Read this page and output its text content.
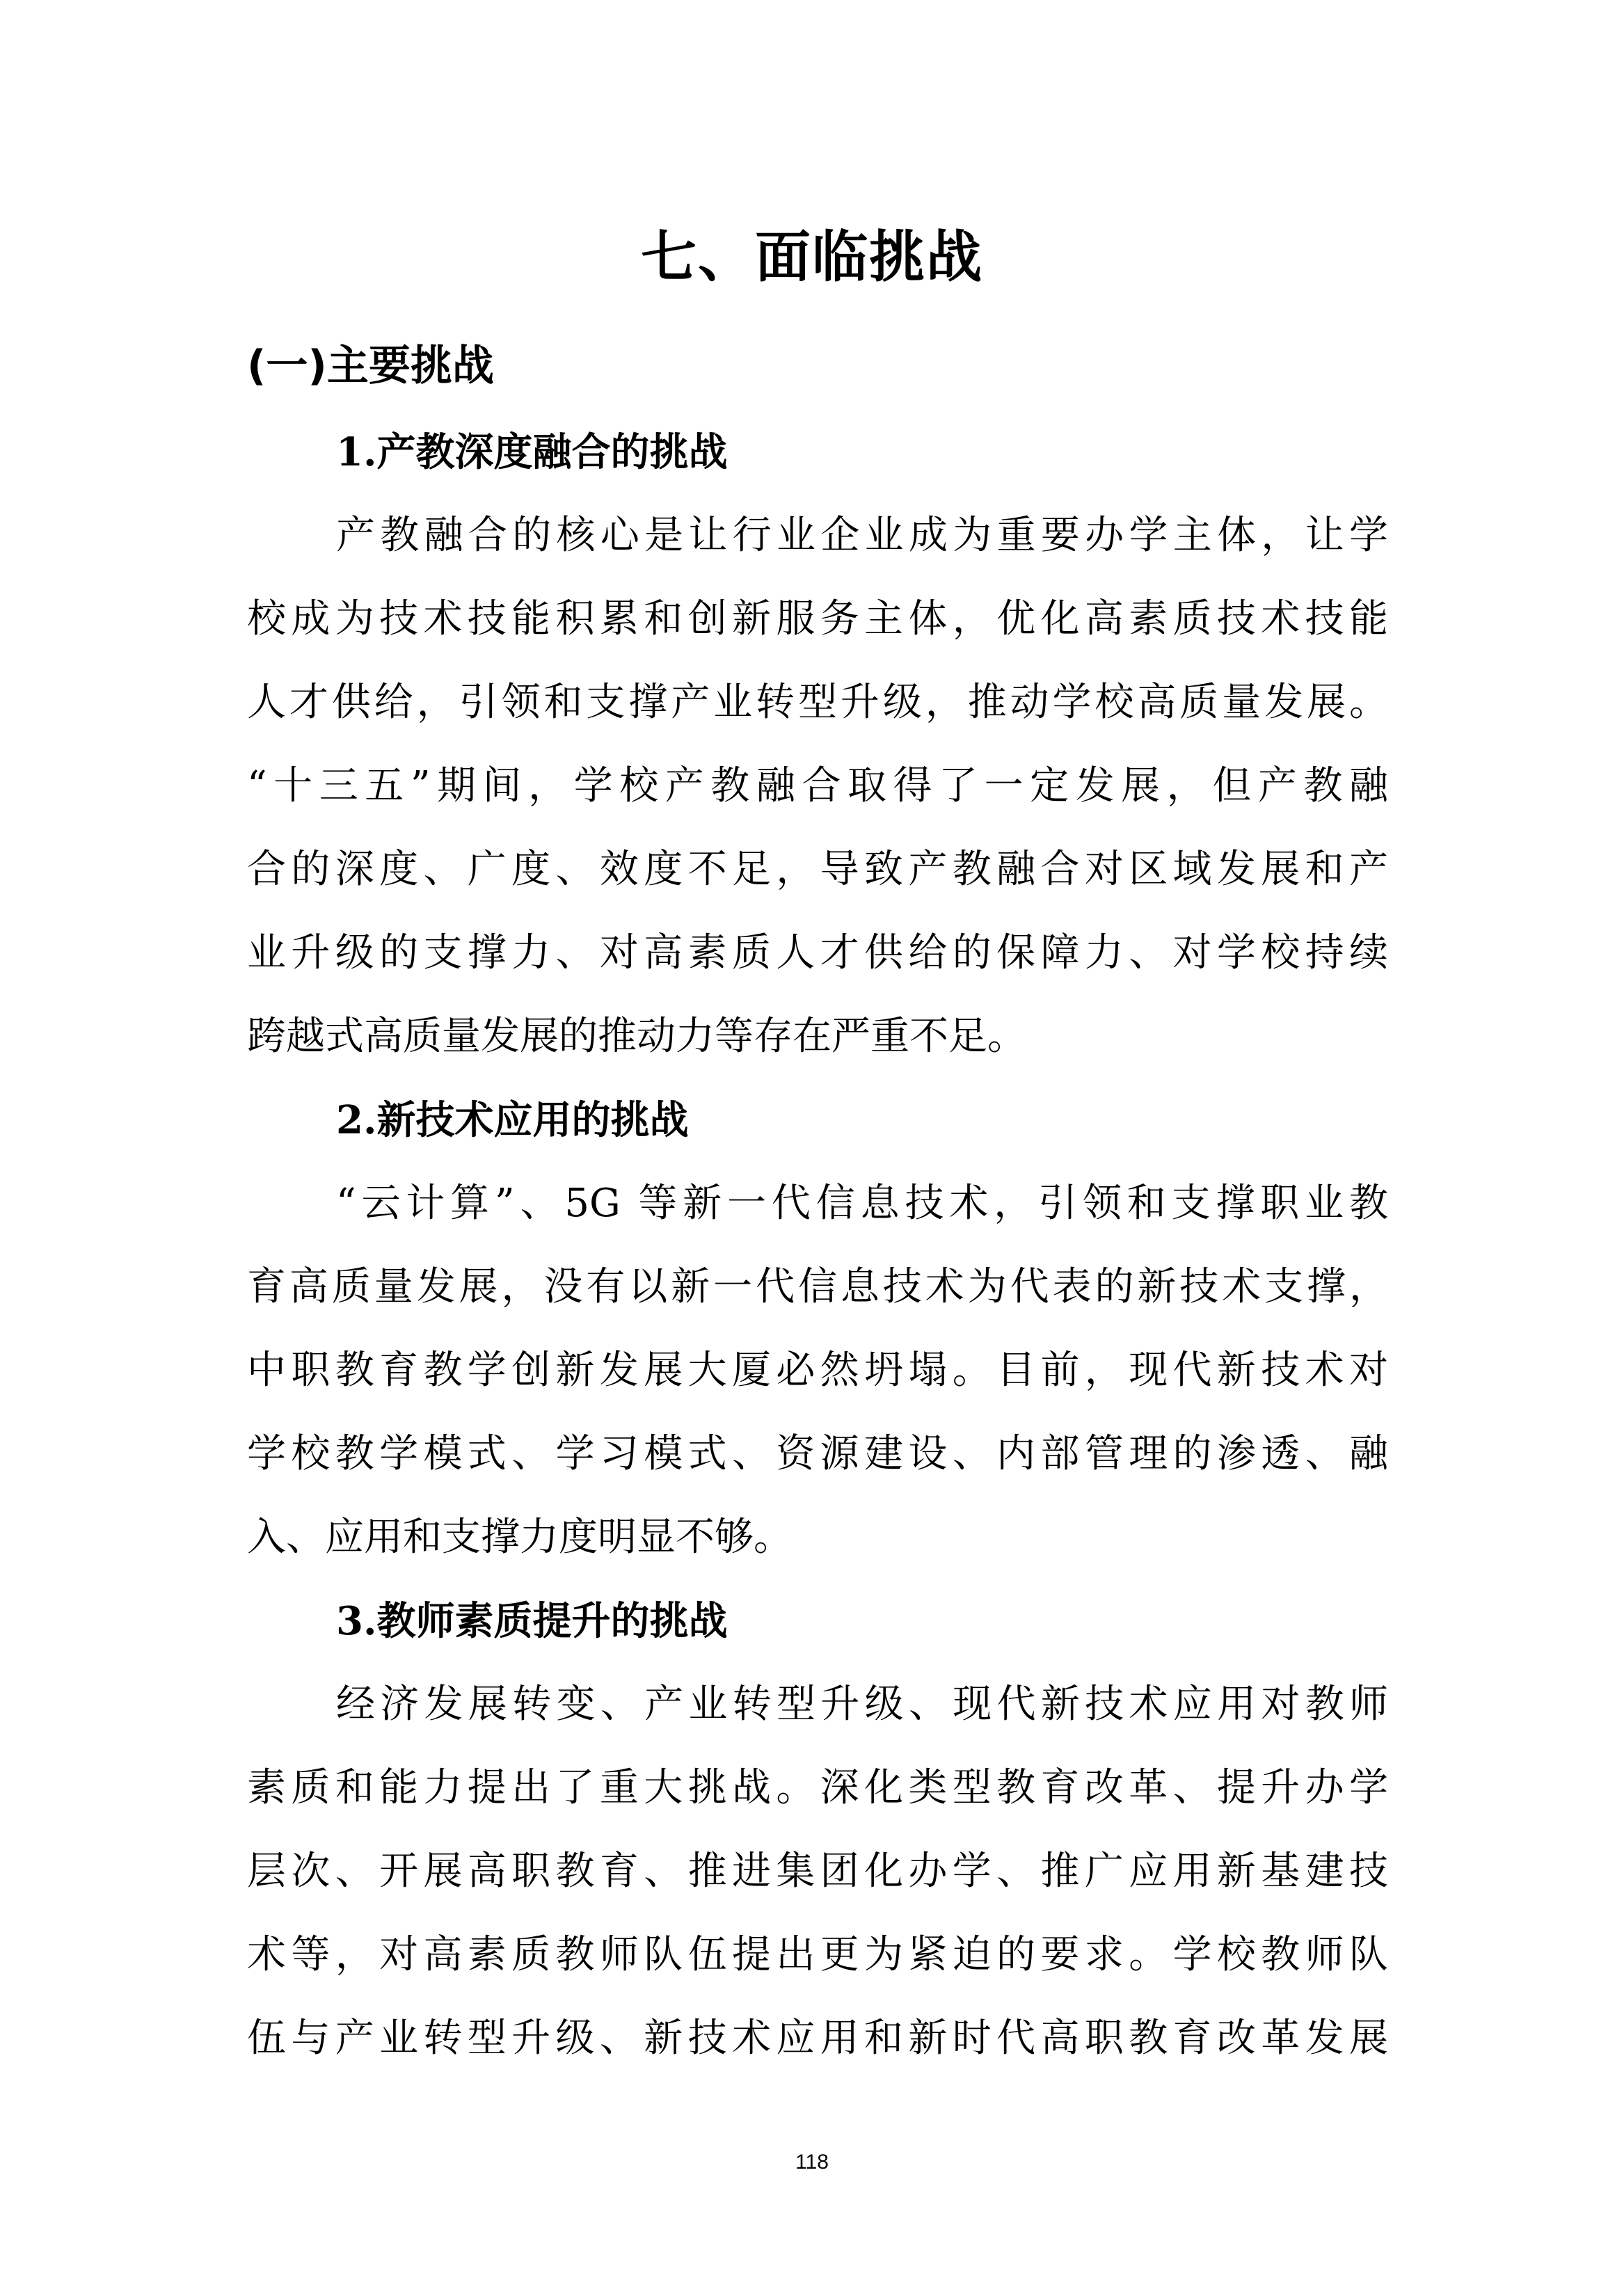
七、面临挑战
(一)主要挑战
1.产教深度融合的挑战
产教融合的核心是让行业企业成为重要办学主体，让学
校成为技术技能积累和创新服务主体，优化高素质技术技能
人才供给，引领和支撑产业转型升级，推动学校高质量发展。
“十三五”期间，学校产教融合取得了一定发展，但产教融
合的深度、广度、效度不足，导致产教融合对区域发展和产
业升级的支撑力、对高素质人才供给的保障力、对学校持续
跨越式高质量发展的推动力等存在严重不足。
2.新技术应用的挑战
“云计算”、5G 等新一代信息技术，引领和支撑职业教
育高质量发展，没有以新一代信息技术为代表的新技术支撑，
中职教育教学创新发展大厦必然坍塌。目前，现代新技术对
学校教学模式、学习模式、资源建设、内部管理的渗透、融
入、应用和支撑力度明显不够。
3.教师素质提升的挑战
经济发展转变、产业转型升级、现代新技术应用对教师
素质和能力提出了重大挑战。深化类型教育改革、提升办学
层次、开展高职教育、推进集团化办学、推广应用新基建技
术等，对高素质教师队伍提出更为紧迫的要求。学校教师队
伍与产业转型升级、新技术应用和新时代高职教育改革发展
118
